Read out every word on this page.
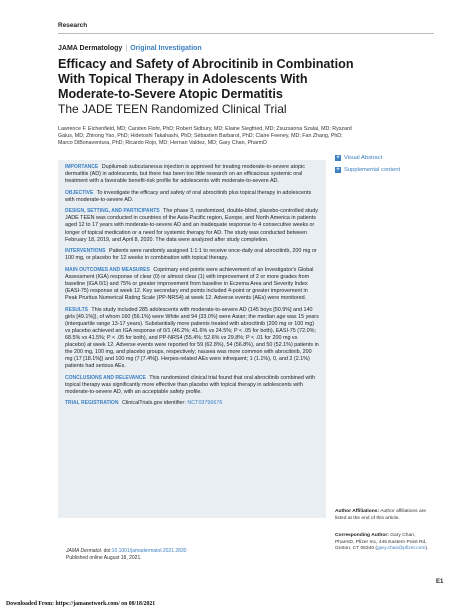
Research
JAMA Dermatology | Original Investigation
Efficacy and Safety of Abrocitinib in Combination With Topical Therapy in Adolescents With Moderate-to-Severe Atopic Dermatitis
The JADE TEEN Randomized Clinical Trial
Lawrence F. Eichenfield, MD; Carsten Flohr, PhD; Robert Sidbury, MD; Elaine Siegfried, MD; Zsuzsanna Szalai, MD; Ryszard Galus, MD; Zhirong Yao, PhD; Hidetoshi Takahashi, PhD; Sébastien Barbarot, PhD; Claire Feeney, MD; Fan Zhang, PhD; Marco DiBonaventura, PhD; Ricardo Rojo, MD; Hernan Valdez, MD; Gary Chan, PharmD

IMPORTANCE Dupilumab subcutaneous injection is approved for treating moderate-to-severe atopic dermatitis (AD) in adolescents, but there has been too little research on an efficacious systemic oral treatment with a favorable benefit-risk profile for adolescents with moderate-to-severe AD.

OBJECTIVE To investigate the efficacy and safety of oral abrocitinib plus topical therapy in adolescents with moderate-to-severe AD.

DESIGN, SETTING, AND PARTICIPANTS The phase 3, randomized, double-blind, placebo-controlled study JADE TEEN was conducted in countries of the Asia-Pacific region, Europe, and North America in patients aged 12 to 17 years with moderate-to-severe AD and an inadequate response to 4 consecutive weeks or longer of topical medication or a need for systemic therapy for AD. The study was conducted between February 18, 2019, and April 8, 2020. The data were analyzed after study completion.

INTERVENTIONS Patients were randomly assigned 1:1:1 to receive once-daily oral abrocitinib, 200 mg or 100 mg, or placebo for 12 weeks in combination with topical therapy.

MAIN OUTCOMES AND MEASURES Coprimary end points were achievement of an Investigator's Global Assessment (IGA) response of clear (0) or almost clear (1) with improvement of 2 or more grades from baseline (IGA 0/1) and 75% or greater improvement from baseline in Eczema Area and Severity Index (EASI-75) response at week 12. Key secondary end points included 4-point or greater improvement in Peak Pruritus Numerical Rating Scale (PP-NRS4) at week 12. Adverse events (AEs) were monitored.

RESULTS This study included 285 adolescents with moderate-to-severe AD (145 boys [50.9%] and 140 girls [49.1%]), of whom 160 (56.1%) were White and 94 (33.0%) were Asian; the median age was 15 years (interquartile range 13-17 years). Substantially more patients treated with abrocitinib (200 mg or 100 mg) vs placebo achieved an IGA response of 0/1 (46.2%; 41.6% vs 24.5%; P < .05 for both), EASI-75 (72.0%; 68.5% vs 41.5%; P < .05 for both), and PP-NRS4 (55.4%; 52.6% vs 29.8%; P < .01 for 200 mg vs placebo) at week 12. Adverse events were reported for 59 (62.8%), 54 (56.8%), and 50 (52.1%) patients in the 200 mg, 100 mg, and placebo groups, respectively; nausea was more common with abrocitinib, 200 mg (17 [18.1%]) and 100 mg (7 [7.4%]). Herpes-related AEs were infrequent; 1 (1.1%), 0, and 2 (2.1%) patients had serious AEs.

CONCLUSIONS AND RELEVANCE This randomized clinical trial found that oral abrocitinib combined with topical therapy was significantly more effective than placebo with topical therapy in adolescents with moderate-to-severe AD, with an acceptable safety profile.

TRIAL REGISTRATION ClinicalTrials.gov identifier: NCT03796676

+ Visual Abstract
+ Supplemental content
Author Affiliations: Author affiliations are listed at the end of this article.
Corresponding Author: Gary Chan, PharmD, Pfizer Inc, 445 Eastern Point Rd, Groton, CT 06340 (gary.chan@pfizer.com).
JAMA Dermatol. doi:10.1001/jamadermatol.2021.2830
Published online August 18, 2021.
E1
Downloaded From: https://jamanetwork.com/ on 08/18/2021
